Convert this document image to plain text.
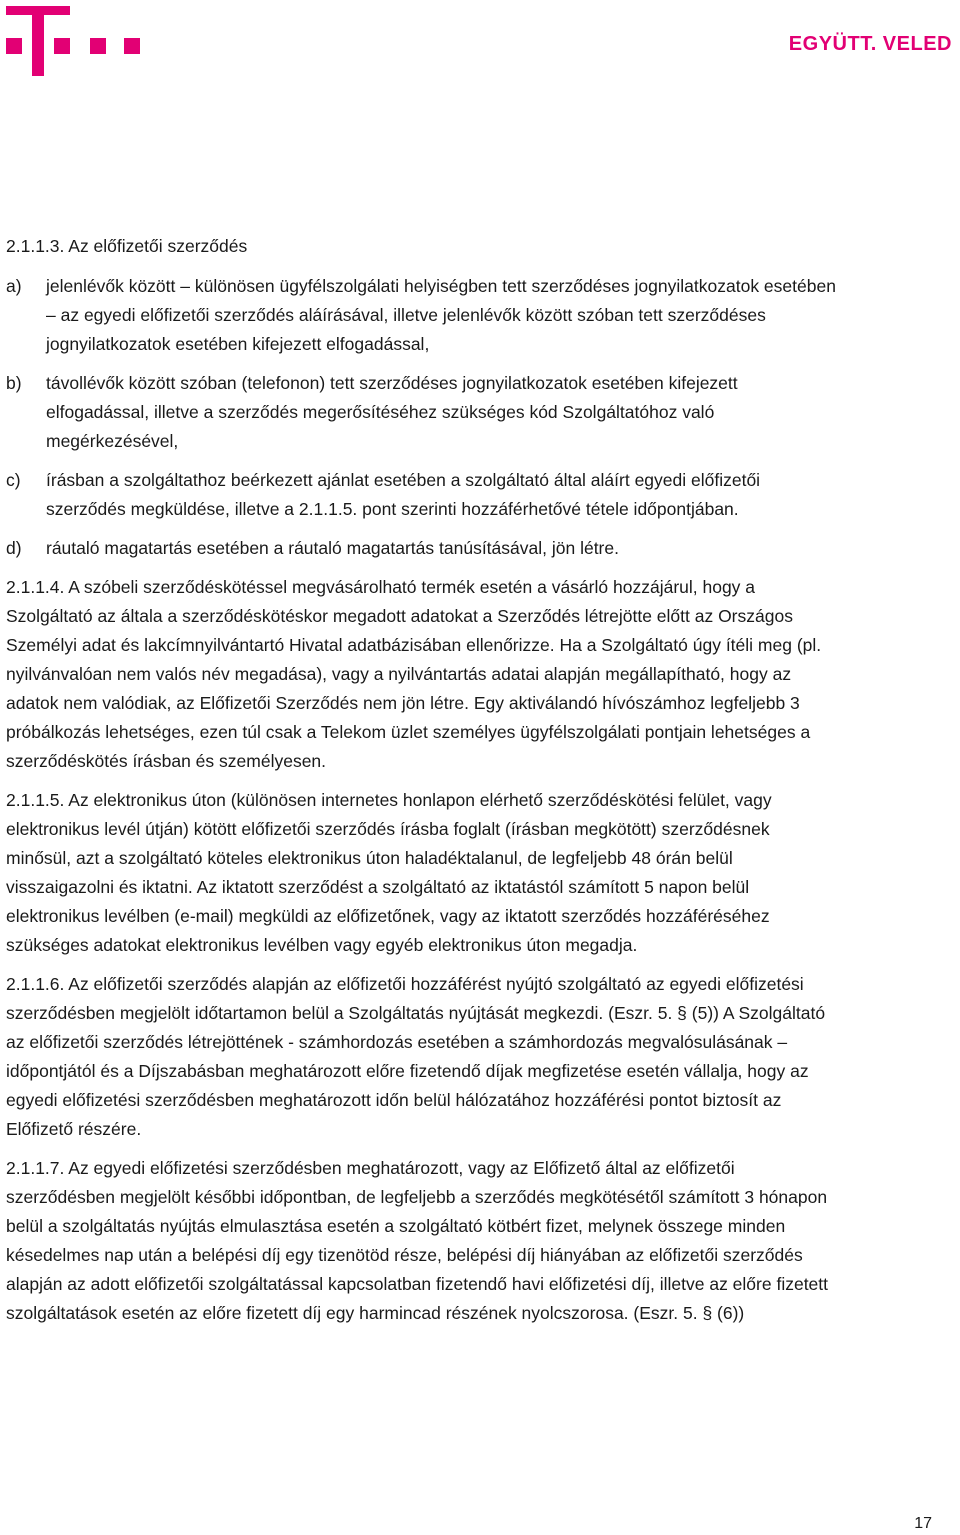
EGYÜTT. VELED
2.1.1.3. Az előfizetői szerződés
a)	jelenlévők között – különösen ügyfélszolgálati helyiségben tett szerződéses jognyilatkozatok esetében – az egyedi előfizetői szerződés aláírásával, illetve jelenlévők között szóban tett szerződéses jognyilatkozatok esetében kifejezett elfogadással,
b)	távollévők között szóban (telefonon) tett szerződéses jognyilatkozatok esetében kifejezett elfogadással, illetve a szerződés megerősítéséhez szükséges kód Szolgáltatóhoz való megérkezésével,
c)	írásban a szolgáltathoz beérkezett ajánlat esetében a szolgáltató által aláírt egyedi előfizetői szerződés megküldése, illetve a 2.1.1.5. pont szerinti hozzáférhetővé tétele időpontjában.
d)	ráutaló magatartás esetében a ráutaló magatartás tanúsításával, jön létre.

2.1.1.4. A szóbeli szerződéskötéssel megvásárolható termék esetén a vásárló hozzájárul, hogy a Szolgáltató az általa a szerződéskötéskor megadott adatokat a Szerződés létrejötte előtt az Országos Személyi adat és lakcímnyilvántartó Hivatal adatbázisában ellenőrizze. Ha a Szolgáltató úgy ítéli meg (pl. nyilvánvalóan nem valós név megadása), vagy a nyilvántartás adatai alapján megállapítható, hogy az adatok nem valódiak, az Előfizetői Szerződés nem jön létre. Egy aktiválandó hívószámhoz legfeljebb 3 próbálkozás lehetséges, ezen túl csak a Telekom üzlet személyes ügyfélszolgálati pontjain lehetséges a szerződéskötés írásban és személyesen.

2.1.1.5. Az elektronikus úton (különösen internetes honlapon elérhető szerződéskötési felület, vagy elektronikus levél útján) kötött előfizetői szerződés írásba foglalt (írásban megkötött) szerződésnek minősül, azt a szolgáltató köteles elektronikus úton haladéktalanul, de legfeljebb 48 órán belül visszaigazolni és iktatni. Az iktatott szerződést a szolgáltató az iktatástól számított 5 napon belül elektronikus levélben (e-mail) megküldi az előfizetőnek, vagy az iktatott szerződés hozzáféréséhez szükséges adatokat elektronikus levélben vagy egyéb elektronikus úton megadja.

2.1.1.6. Az előfizetői szerződés alapján az előfizetői hozzáférést nyújtó szolgáltató az egyedi előfizetési szerződésben megjelölt időtartamon belül a Szolgáltatás nyújtását megkezdi. (Eszr. 5. § (5)) A Szolgáltató az előfizetői szerződés létrejöttének - számhordozás esetében a számhordozás megvalósulásának – időpontjától és a Díjszabásban meghatározott előre fizetendő díjak megfizetése esetén vállalja, hogy az egyedi előfizetési szerződésben meghatározott időn belül hálózatához hozzáférési pontot biztosít az Előfizető részére.

2.1.1.7. Az egyedi előfizetési szerződésben meghatározott, vagy az Előfizető által az előfizetői szerződésben megjelölt későbbi időpontban, de legfeljebb a szerződés megkötésétől számított 3 hónapon belül a szolgáltatás nyújtás elmulasztása esetén a szolgáltató kötbért fizet, melynek összege minden késedelmes nap után a belépési díj egy tizenötöd része, belépési díj hiányában az előfizetői szerződés alapján az adott előfizetői szolgáltatással kapcsolatban fizetendő havi előfizetési díj, illetve az előre fizetett szolgáltatások esetén az előre fizetett díj egy harmincad részének nyolcszorosa. (Eszr. 5. § (6))

17
